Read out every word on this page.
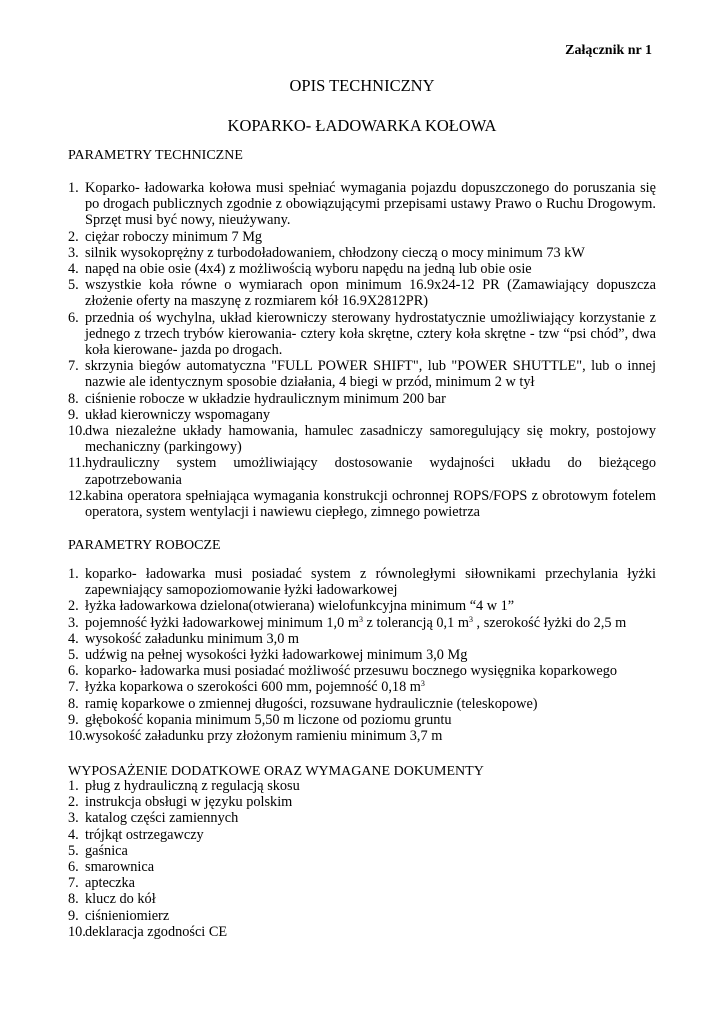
Załącznik nr 1
OPIS TECHNICZNY
KOPARKO- ŁADOWARKA KOŁOWA
PARAMETRY TECHNICZNE
1. Koparko- ładowarka kołowa musi spełniać wymagania pojazdu dopuszczonego do poruszania się po drogach publicznych zgodnie z obowiązującymi przepisami ustawy Prawo o Ruchu Drogowym. Sprzęt musi być nowy, nieużywany.
2. ciężar roboczy minimum 7 Mg
3. silnik wysokoprężny z turbodoładowaniem, chłodzony cieczą o mocy minimum 73 kW
4. napęd na obie osie (4x4) z możliwością wyboru napędu na jedną lub obie osie
5. wszystkie koła równe o wymiarach opon minimum 16.9x24-12 PR (Zamawiający dopuszcza złożenie oferty na maszynę z rozmiarem kół 16.9X2812PR)
6. przednia oś wychylna, układ kierowniczy sterowany hydrostatycznie umożliwiający korzystanie z jednego z trzech trybów kierowania- cztery koła skrętne, cztery koła skrętne - tzw “psi chód”, dwa koła kierowane- jazda po drogach.
7. skrzynia biegów automatyczna "FULL POWER SHIFT", lub "POWER SHUTTLE", lub o innej nazwie ale identycznym sposobie działania, 4 biegi w przód, minimum 2 w tył
8. ciśnienie robocze w układzie hydraulicznym minimum 200 bar
9. układ kierowniczy wspomagany
10. dwa niezależne układy hamowania, hamulec zasadniczy samoregulujący się mokry, postojowy mechaniczny (parkingowy)
11. hydrauliczny system umożliwiający dostosowanie wydajności układu do bieżącego zapotrzebowania
12. kabina operatora spełniająca wymagania konstrukcji ochronnej ROPS/FOPS z obrotowym fotelem operatora, system wentylacji i nawiewu ciepłego, zimnego powietrza
PARAMETRY ROBOCZE
1. koparko- ładowarka musi posiadać system z równoległymi siłownikami przechylania łyżki zapewniający samopoziomowanie łyżki ładowarkowej
2. łyżka ładowarkowa dzielona(otwierana) wielofunkcyjna minimum “4 w 1”
3. pojemność łyżki ładowarkowej minimum 1,0 $m^3$ z tolerancją 0,1 $m^3$ , szerokość łyżki do 2,5 m
4. wysokość załadunku minimum 3,0 m
5. udźwig na pełnej wysokości łyżki ładowarkowej minimum 3,0 Mg
6. koparko- ładowarka musi posiadać możliwość przesuwu bocznego wysięgnika koparkowego
7. łyżka koparkowa o szerokości 600 mm, pojemność 0,18 $m^3$
8. ramię koparkowe o zmiennej długości, rozsuwane hydraulicznie (teleskopowe)
9. głębokość kopania minimum 5,50 m liczone od poziomu gruntu
10. wysokość załadunku przy złożonym ramieniu minimum 3,7 m
WYPOSAŻENIE DODATKOWE ORAZ WYMAGANE DOKUMENTY
1. pług z hydrauliczną z regulacją skosu
2. instrukcja obsługi w języku polskim
3. katalog części zamiennych
4. trójkąt ostrzegawczy
5. gaśnica
6. smarownica
7. apteczka
8. klucz do kół
9. ciśnieniomierz
10. deklaracja zgodności CE
